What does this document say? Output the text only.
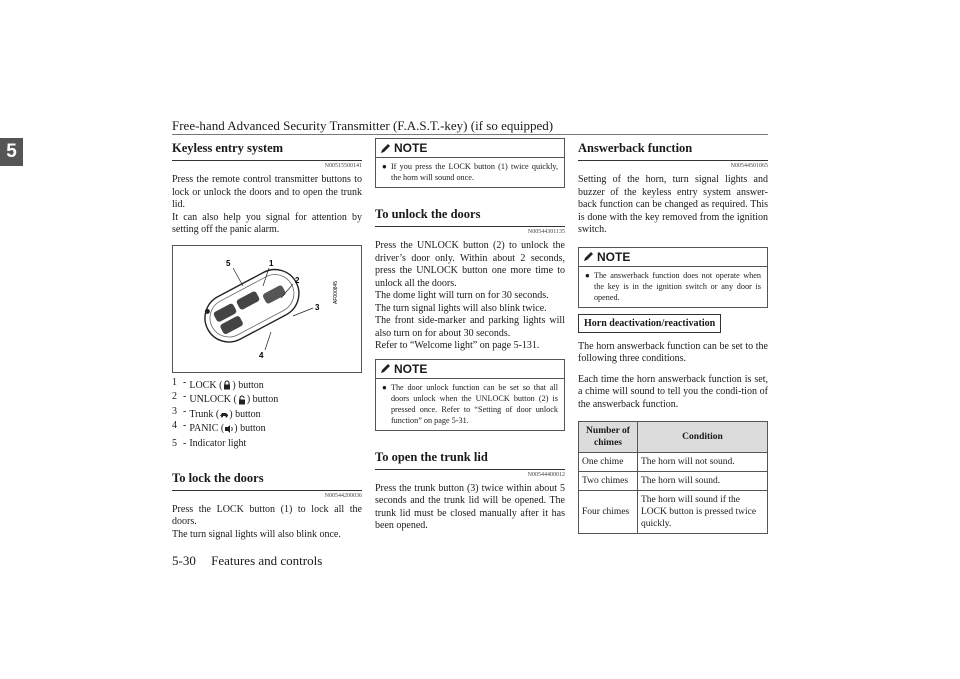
Free-hand Advanced Security Transmitter (F.A.S.T.-key) (if so equipped)
5	Keyless entry system
N00515500141

Press the remote control transmitter buttons to lock or unlock the doors and to open the trunk lid.
It can also help you signal for attention by setting off the panic alarm.

5	1
2
3
4
AF000845
1 - LOCK ( ) button
2 - UNLOCK ( ) button
3 - Trunk ( ) button
4 - PANIC ( ) button
5 - Indicator light
To lock the doors
N00544200036

Press the LOCK button (1) to lock all the doors.
The turn signal lights will also blink once.

NOTE
● If you press the LOCK button (1) twice quickly, the horn will sound once.
To unlock the doors
N00544301135

Press the UNLOCK button (2) to unlock the driver’s door only. Within about 2 seconds, press the UNLOCK button one more time to unlock all the doors.
The dome light will turn on for 30 seconds.
The turn signal lights will also blink twice.
The front side-marker and parking lights will also turn on for about 30 seconds.
Refer to “Welcome light” on page 5-131.

NOTE
● The door unlock function can be set so that all doors unlock when the UNLOCK button (2) is pressed once. Refer to “Setting of door unlock function” on page 5-31.
To open the trunk lid
N00544400012

Press the trunk button (3) twice within about 5 seconds and the trunk lid will be opened. The trunk lid must be closed manually after it has been opened.

Answerback function
N00544501065

Setting of the horn, turn signal lights and buzzer of the keyless entry system answer-back function can be changed as required. This is done with the key removed from the ignition switch.

NOTE
● The answerback function does not operate when the key is in the ignition switch or any door is opened.
Horn deactivation/reactivation

The horn answerback function can be set to the following three conditions.

Each time the horn answerback function is set, a chime will sound to tell you the condi-tion of the answerback function.

Number of chimes	Condition
One chime	The horn will not sound.
Two chimes	The horn will sound.
Four chimes	The horn will sound if the LOCK button is pressed twice quickly.
5-30 Features and controls
